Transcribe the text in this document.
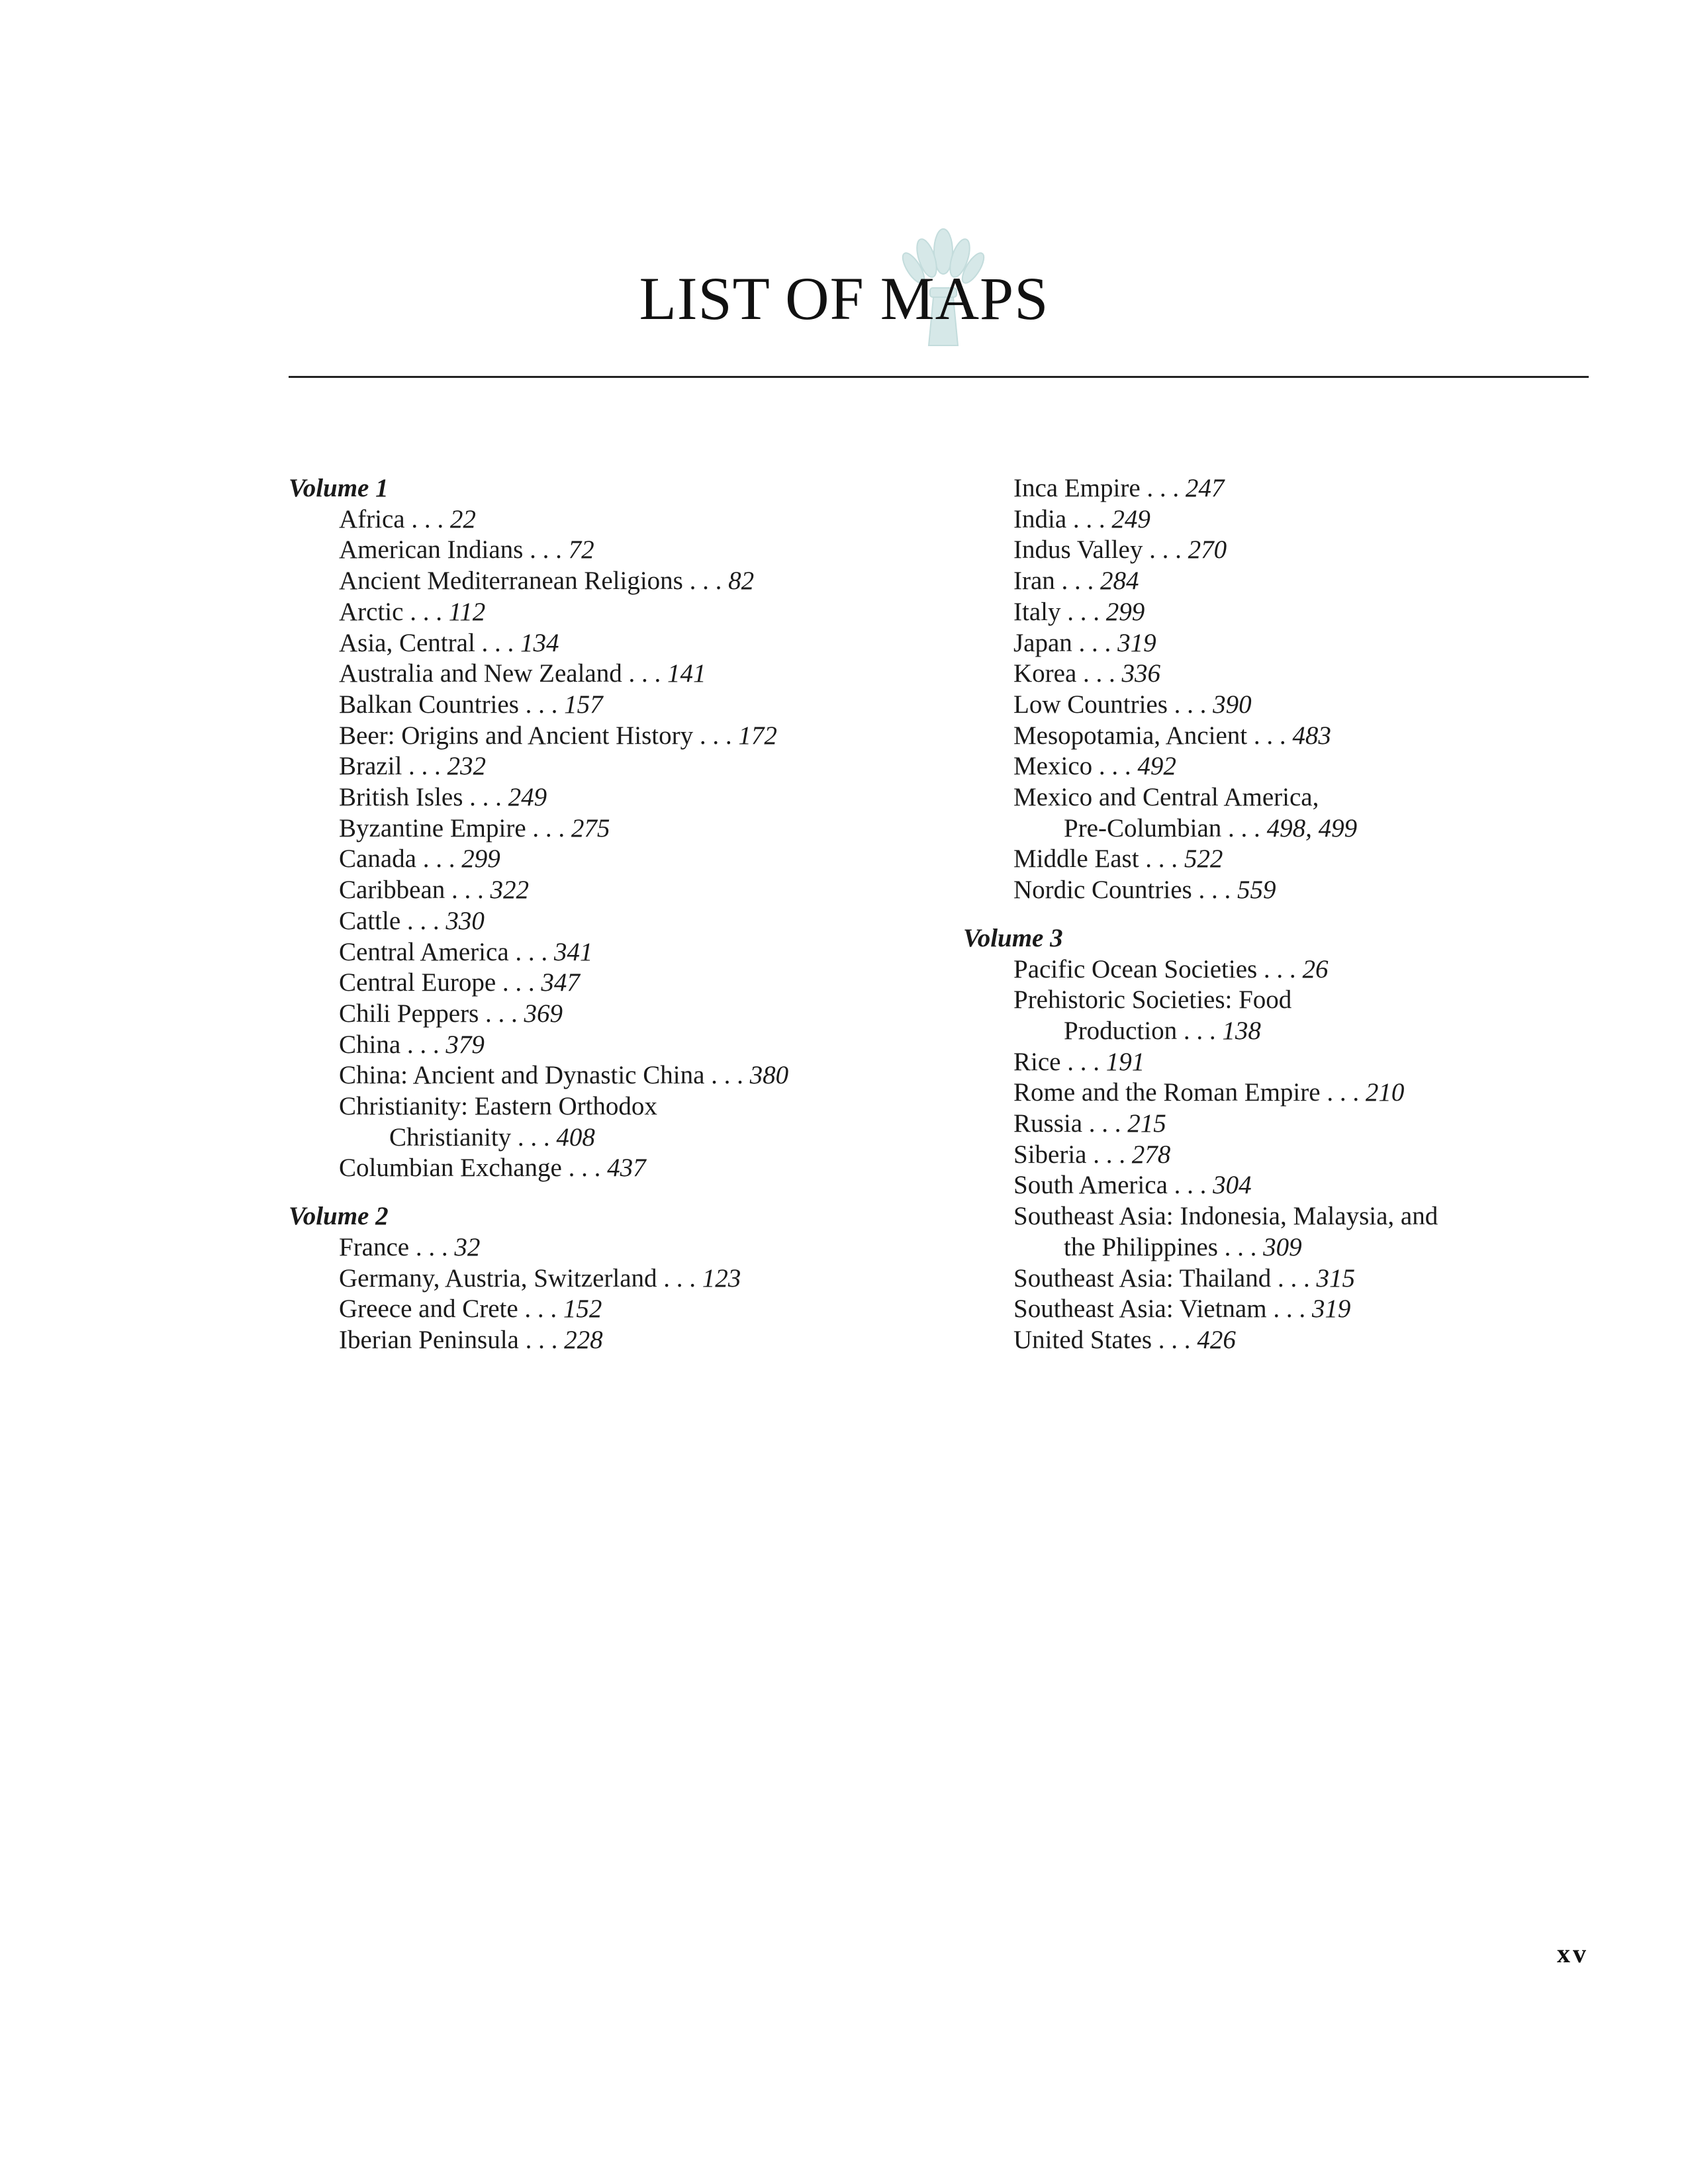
LIST OF MAPS
Volume 1
Africa . . . 22
American Indians . . . 72
Ancient Mediterranean Religions . . . 82
Arctic . . . 112
Asia, Central . . . 134
Australia and New Zealand . . . 141
Balkan Countries . . . 157
Beer: Origins and Ancient History . . . 172
Brazil . . . 232
British Isles . . . 249
Byzantine Empire . . . 275
Canada . . . 299
Caribbean . . . 322
Cattle . . . 330
Central America . . . 341
Central Europe . . . 347
Chili Peppers . . . 369
China . . . 379
China: Ancient and Dynastic China . . . 380
Christianity: Eastern Orthodox
Christianity . . . 408
Columbian Exchange . . . 437
Volume 2
France . . . 32
Germany, Austria, Switzerland . . . 123
Greece and Crete . . . 152
Iberian Peninsula . . . 228
Inca Empire . . . 247
India . . . 249
Indus Valley . . . 270
Iran . . . 284
Italy . . . 299
Japan . . . 319
Korea . . . 336
Low Countries . . . 390
Mesopotamia, Ancient . . . 483
Mexico . . . 492
Mexico and Central America,
Pre-Columbian . . . 498, 499
Middle East . . . 522
Nordic Countries . . . 559
Volume 3
Pacific Ocean Societies . . . 26
Prehistoric Societies: Food
Production . . . 138
Rice . . . 191
Rome and the Roman Empire . . . 210
Russia . . . 215
Siberia . . . 278
South America . . . 304
Southeast Asia: Indonesia, Malaysia, and
the Philippines . . . 309
Southeast Asia: Thailand . . . 315
Southeast Asia: Vietnam . . . 319
United States . . . 426
xv
